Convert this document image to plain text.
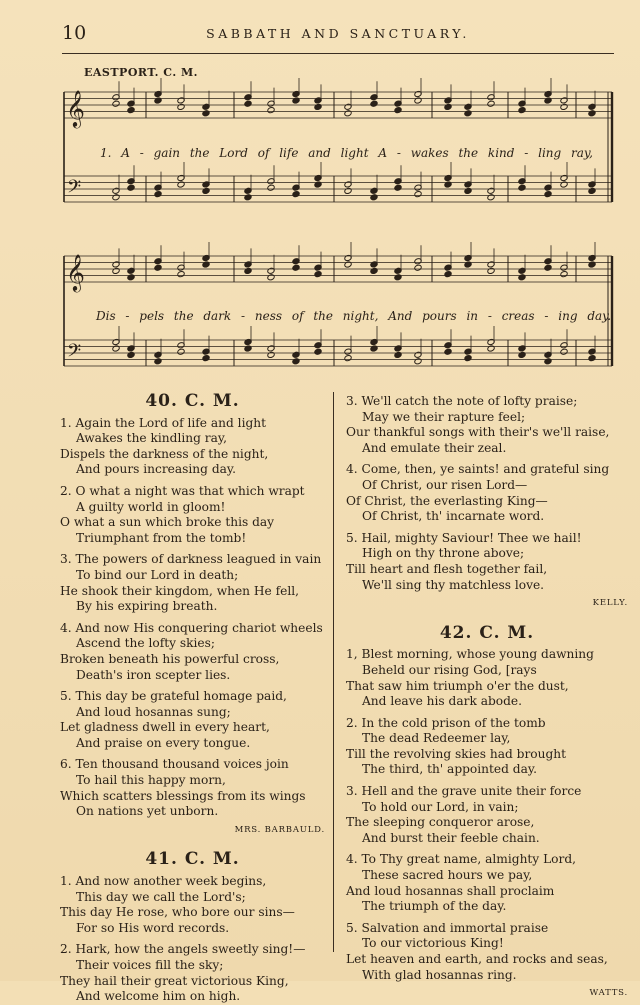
10	SABBATH AND SANCTUARY.
EASTPORT. C. M.
𝄞
𝄢
𝄞
𝄢
1. A - gain the Lord of life and light A - wakes the kind - ling ray,
Dis - pels the dark - ness of the night, And pours in - creas - ing day.
40. C. M.

1. Again the Lord of life and light

Awakes the kindling ray,

Dispels the darkness of the night,

And pours increasing day.

2. O what a night was that which wrapt

A guilty world in gloom!

O what a sun which broke this day

Triumphant from the tomb!

3. The powers of darkness leagued in vain

To bind our Lord in death;

He shook their kingdom, when He fell,

By his expiring breath.

4. And now His conquering chariot wheels

Ascend the lofty skies;

Broken beneath his powerful cross,

Death's iron scepter lies.

5. This day be grateful homage paid,

And loud hosannas sung;

Let gladness dwell in every heart,

And praise on every tongue.

6. Ten thousand thousand voices join

To hail this happy morn,

Which scatters blessings from its wings

On nations yet unborn.

MRS. BARBAULD.
41. C. M.

1. And now another week begins,

This day we call the Lord's;

This day He rose, who bore our sins—

For so His word records.

2. Hark, how the angels sweetly sing!—

Their voices fill the sky;

They hail their great victorious King,

And welcome him on high.

3. We'll catch the note of lofty praise;

May we their rapture feel;

Our thankful songs with their's we'll raise,

And emulate their zeal.

4. Come, then, ye saints! and grateful sing

Of Christ, our risen Lord—

Of Christ, the everlasting King—

Of Christ, th' incarnate word.

5. Hail, mighty Saviour! Thee we hail!

High on thy throne above;

Till heart and flesh together fail,

We'll sing thy matchless love.

KELLY.
42. C. M.

1, Blest morning, whose young dawning

Beheld our rising God, [rays

That saw him triumph o'er the dust,

And leave his dark abode.

2. In the cold prison of the tomb

The dead Redeemer lay,

Till the revolving skies had brought

The third, th' appointed day.

3. Hell and the grave unite their force

To hold our Lord, in vain;

The sleeping conqueror arose,

And burst their feeble chain.

4. To Thy great name, almighty Lord,

These sacred hours we pay,

And loud hosannas shall proclaim

The triumph of the day.

5. Salvation and immortal praise

To our victorious King!

Let heaven and earth, and rocks and seas,

With glad hosannas ring.

WATTS.
